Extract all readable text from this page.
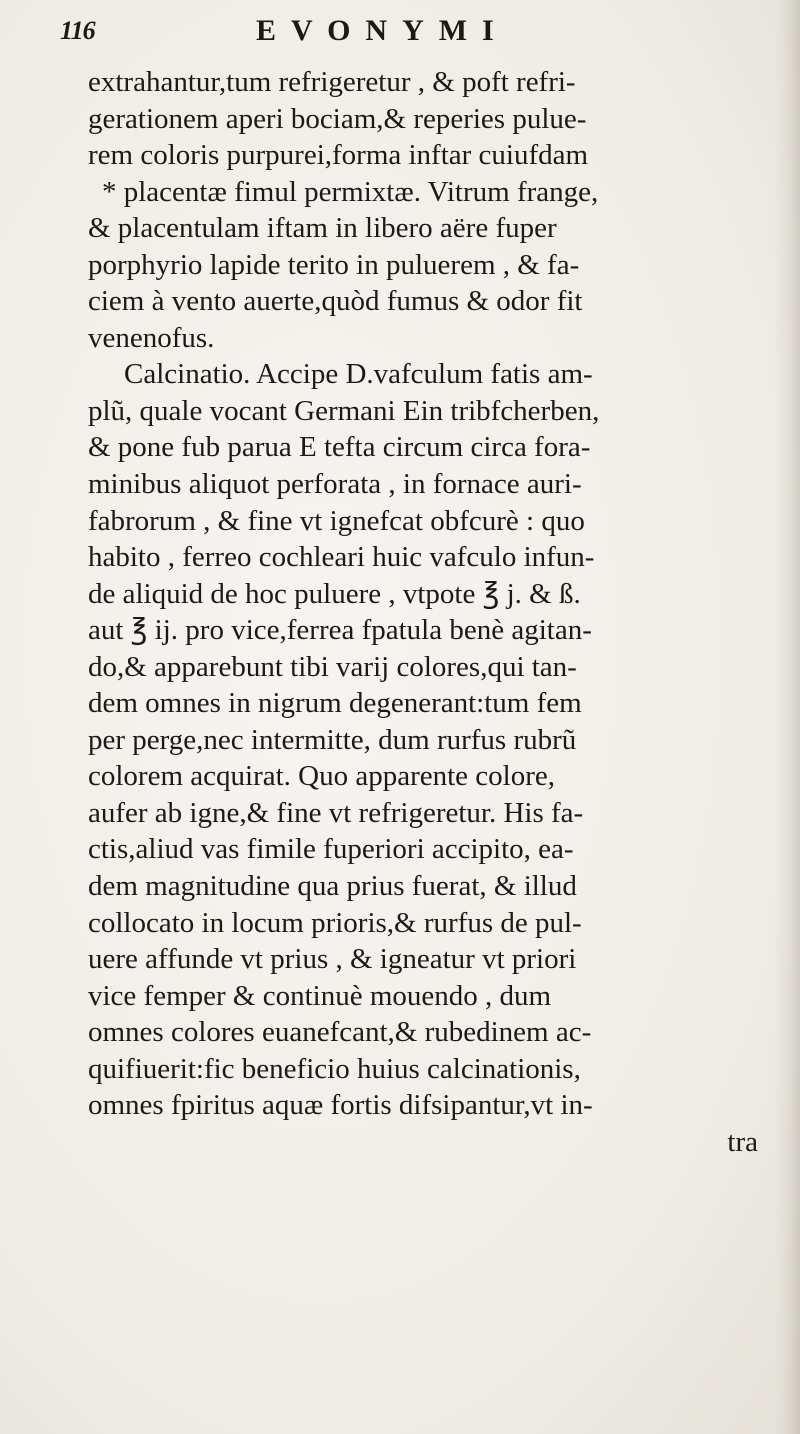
116	EVONYMI
extrahantur,tum refrigeretur , & poft refri-
gerationem aperi bociam,& reperies pulue-
rem coloris purpurei,forma inftar cuiufdam
* placentæ fimul permixtæ. Vitrum frange,
& placentulam iftam in libero aëre fuper
porphyrio lapide terito in puluerem , & fa-
ciem à vento auerte,quòd fumus & odor fit
venenofus.
Calcinatio. Accipe D.vafculum fatis am-
plũ, quale vocant Germani Ein tribfcherben,
& pone fub parua E tefta circum circa fora-
minibus aliquot perforata , in fornace auri-
fabrorum , & fine vt ignefcat obfcurè : quo
habito , ferreo cochleari huic vafculo infun-
de aliquid de hoc puluere , vtpote ℥ j. & ß.
aut ℥ ij. pro vice,ferrea fpatula benè agitan-
do,& apparebunt tibi varij colores,qui tan-
dem omnes in nigrum degenerant:tum fem
per perge,nec intermitte, dum rurfus rubrũ
colorem acquirat. Quo apparente colore,
aufer ab igne,& fine vt refrigeretur. His fa-
ctis,aliud vas fimile fuperiori accipito, ea-
dem magnitudine qua prius fuerat, & illud
collocato in locum prioris,& rurfus de pul-
uere affunde vt prius , & igneatur vt priori
vice femper & continuè mouendo , dum
omnes colores euanefcant,& rubedinem ac-
quifiuerit:fic beneficio huius calcinationis,
omnes fpiritus aquæ fortis difsipantur,vt in-
tra
